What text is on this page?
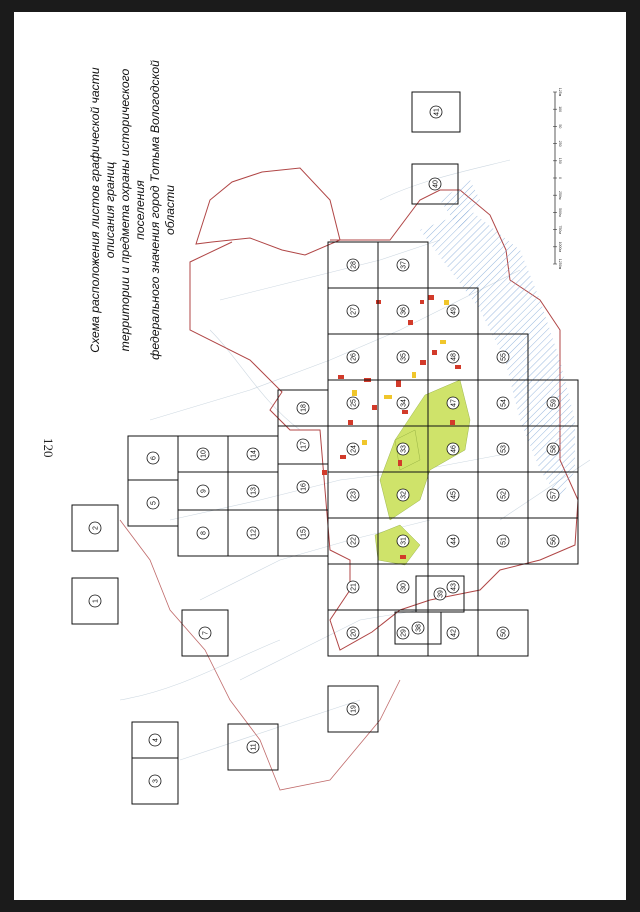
1
2
3
4
5
6
7
8
9
10
11
12
13
14
15
16
17
18
19
20
21
22
23
24
25
26
27
28
29
30
31
32
33
34
35
36
37
38
39
40
41
42
43
44
45
46
47
48
49
50
51
52
53
54
55
56
57
58
59
125м
100
50
250
150
0
250м
500м
750м
1000м
1250м
120
Схема расположения листов графической части описания границ территории и предмета охраны исторического поселения федерального значения город Тотьма Вологодской области
